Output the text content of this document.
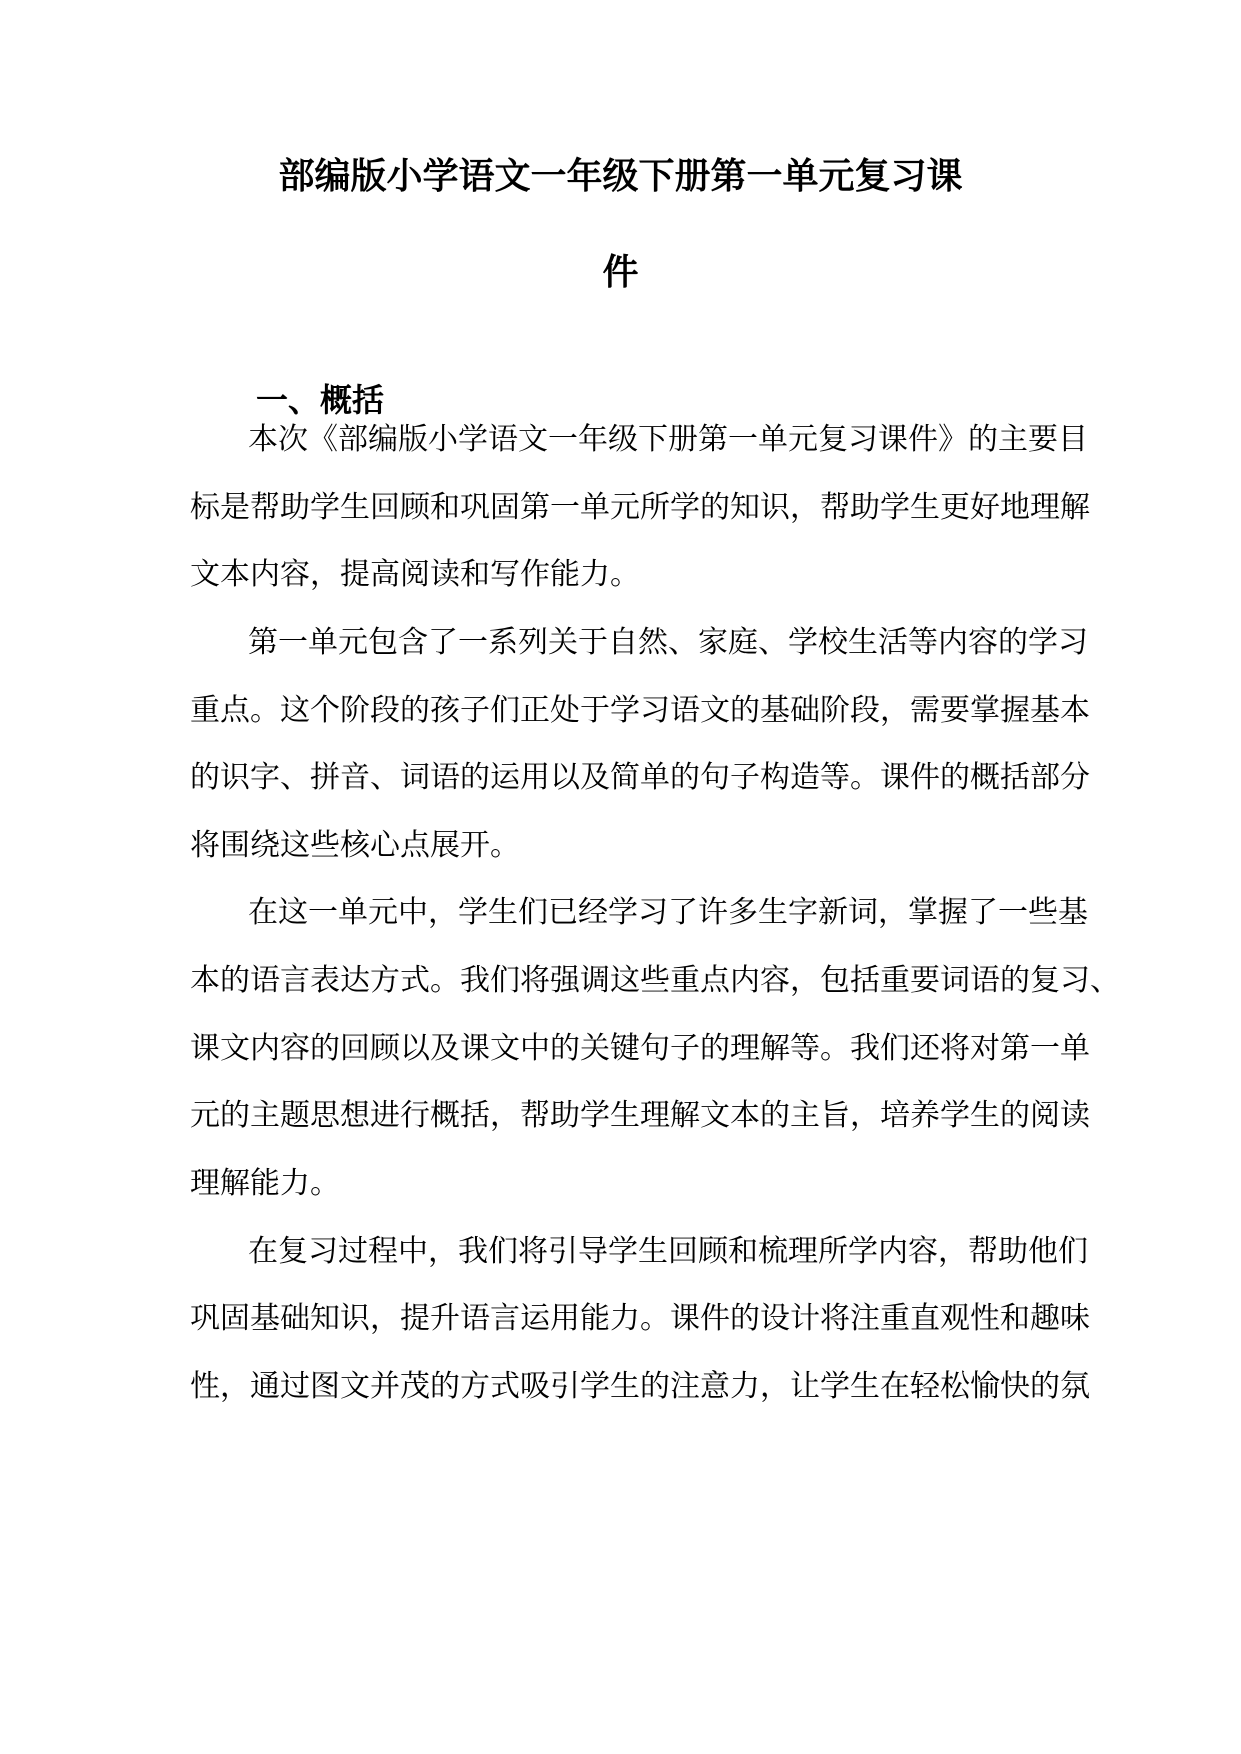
部编版小学语文一年级下册第一单元复习课
件
一、概括

本次《部编版小学语文一年级下册第一单元复习课件》的主要目

标是帮助学生回顾和巩固第一单元所学的知识，帮助学生更好地理解

文本内容，提高阅读和写作能力。

第一单元包含了一系列关于自然、家庭、学校生活等内容的学习

重点。这个阶段的孩子们正处于学习语文的基础阶段，需要掌握基本

的识字、拼音、词语的运用以及简单的句子构造等。课件的概括部分

将围绕这些核心点展开。

在这一单元中，学生们已经学习了许多生字新词，掌握了一些基

本的语言表达方式。我们将强调这些重点内容，包括重要词语的复习、

课文内容的回顾以及课文中的关键句子的理解等。我们还将对第一单

元的主题思想进行概括，帮助学生理解文本的主旨，培养学生的阅读

理解能力。

在复习过程中，我们将引导学生回顾和梳理所学内容，帮助他们

巩固基础知识，提升语言运用能力。课件的设计将注重直观性和趣味

性，通过图文并茂的方式吸引学生的注意力，让学生在轻松愉快的氛
